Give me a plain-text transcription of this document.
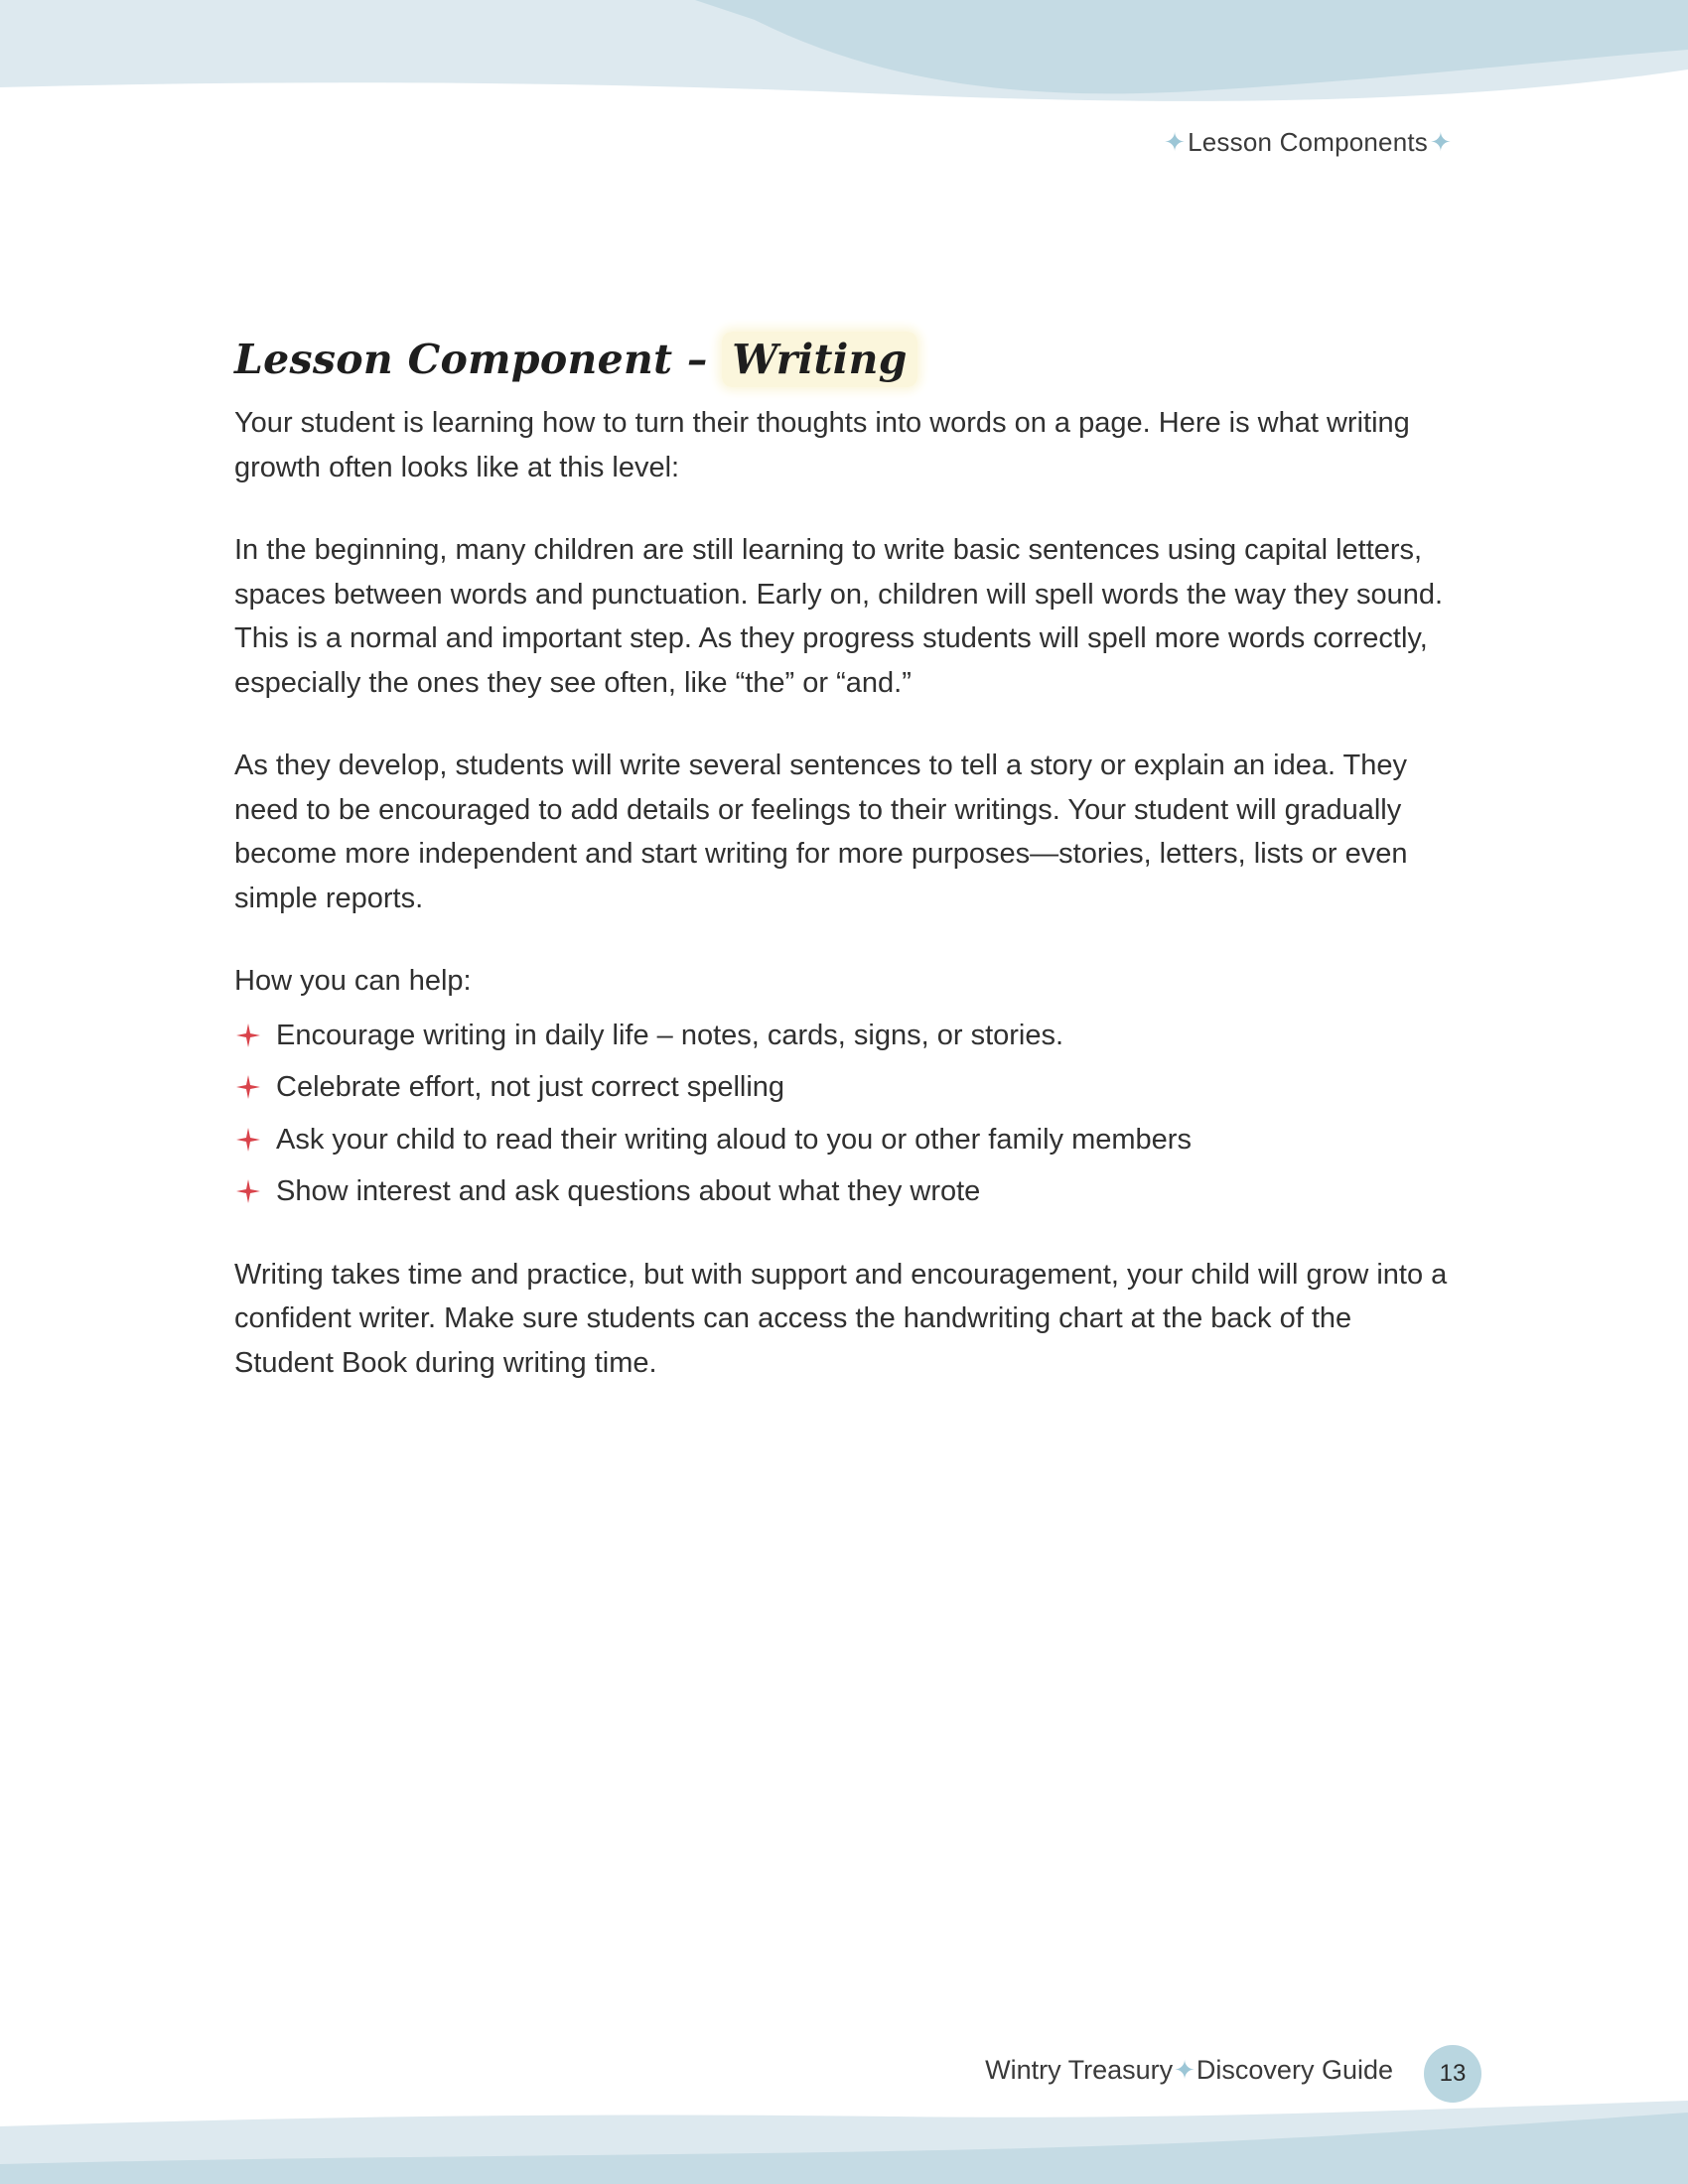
✦ Lesson Components ✦
Lesson Component – Writing

Your student is learning how to turn their thoughts into words on a page. Here is what writing growth often looks like at this level:

In the beginning, many children are still learning to write basic sentences using capital letters, spaces between words and punctuation. Early on, children will spell words the way they sound. This is a normal and important step. As they progress students will spell more words correctly, especially the ones they see often, like “the” or “and.”

As they develop, students will write several sentences to tell a story or explain an idea. They need to be encouraged to add details or feelings to their writings. Your student will gradually become more independent and start writing for more purposes—stories, letters, lists or even simple reports.

How you can help:

Encourage writing in daily life – notes, cards, signs, or stories.
Celebrate effort, not just correct spelling
Ask your child to read their writing aloud to you or other family members
Show interest and ask questions about what they wrote

Writing takes time and practice, but with support and encouragement, your child will grow into a confident writer. Make sure students can access the handwriting chart at the back of the Student Book during writing time.

Wintry Treasury ✦ Discovery Guide 13
